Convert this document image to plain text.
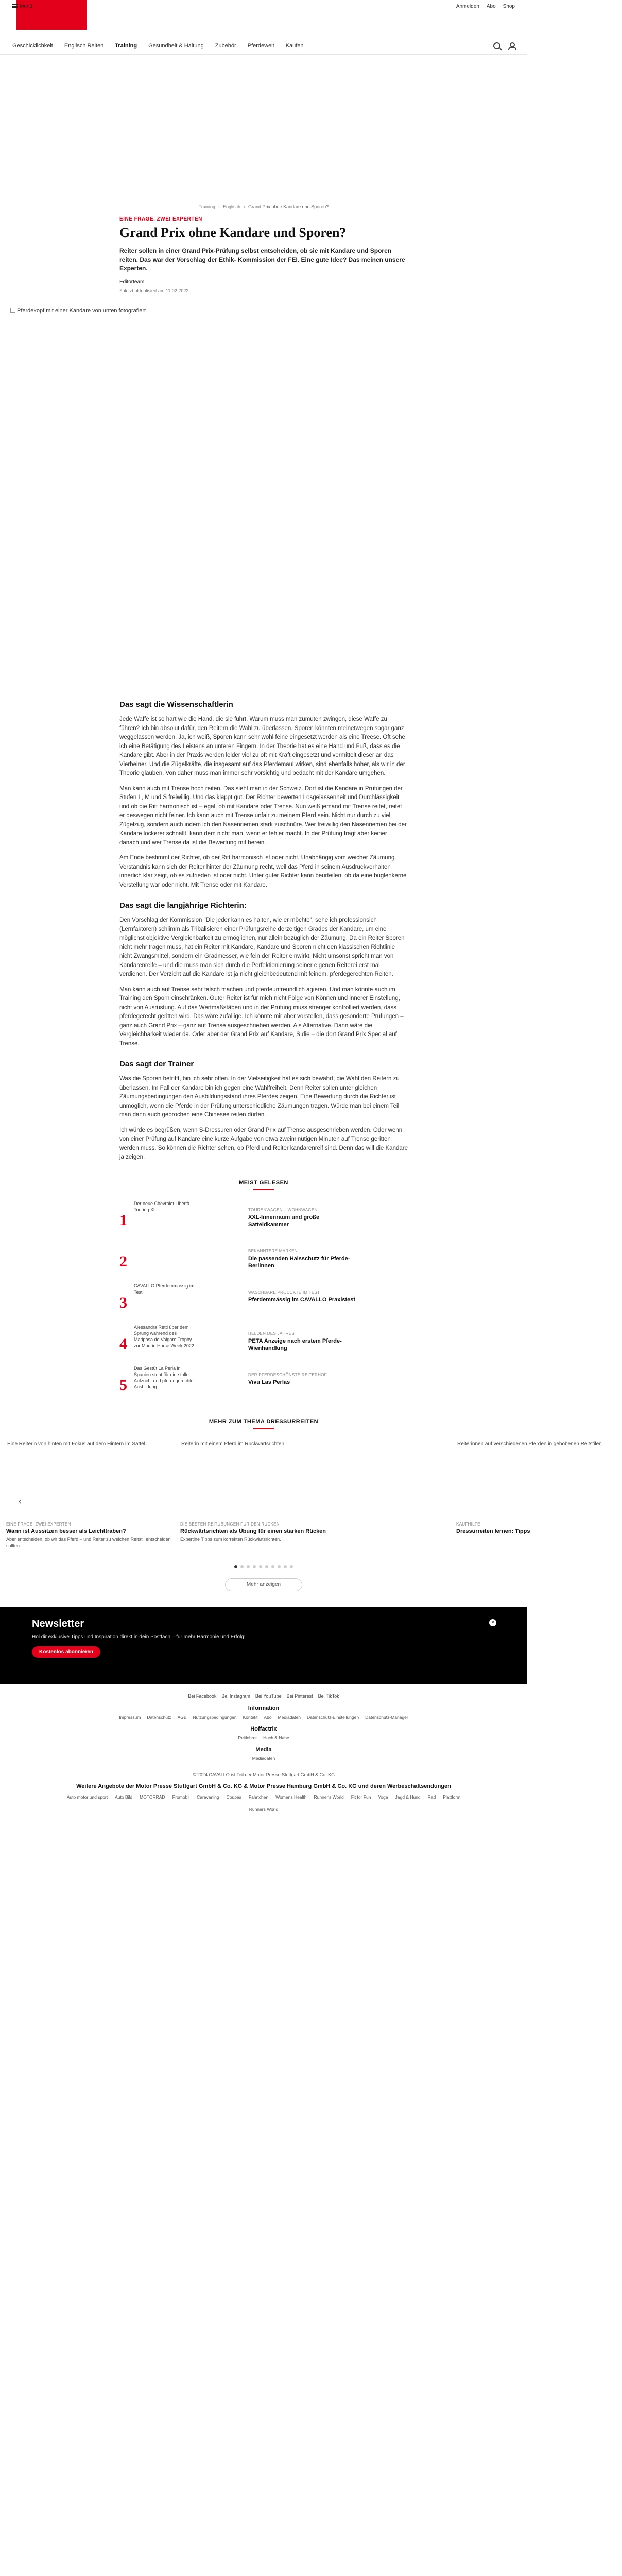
Menü	Anmelden Abo Shop
Geschicklichkeit Englisch Reiten Training Gesundheit & Haltung Zubehör Pferdewelt Kaufen
Training › Englisch › Grand Prix ohne Kandare und Sporen?
EINE FRAGE, ZWEI EXPERTEN
Grand Prix ohne Kandare und Sporen?

Reiter sollen in einer Grand Prix-Prüfung selbst entscheiden, ob sie mit Kandare und Sporen reiten. Das war der Vorschlag der Ethik- Kommission der FEI. Eine gute Idee? Das meinen unsere Experten.

Editorteam
Zuletzt aktualisiert am 11.02.2022
Pferdekopf mit einer Kandare von unten fotografiert
Das sagt die Wissenschaftlerin

Jede Waffe ist so hart wie die Hand, die sie führt. Warum muss man zumuten zwingen, diese Waffe zu führen? Ich bin absolut dafür, den Reitern die Wahl zu überlassen. Sporen könnten meinetwegen sogar ganz weggelassen werden. Ja, ich weiß, Sporen kann sehr wohl feine eingesetzt werden als eine Treese. Oft sehe ich eine Betätigung des Leistens an unteren Fingern. In der Theorie hat es eine Hand und Fuß, dass es die Kandare gibt. Aber in der Praxis werden leider viel zu oft mit Kraft eingesetzt und vermittelt dieser an das Vierbeiner. Und die Zügelkräfte, die insgesamt auf das Pferdemaul wirken, sind ebenfalls höher, als wir in der Theorie glauben. Von daher muss man immer sehr vorsichtig und bedacht mit der Kandare umgehen.

Man kann auch mit Trense hoch reiten. Das sieht man in der Schweiz. Dort ist die Kandare in Prüfungen der Stufen L, M und S freiwillig. Und das klappt gut. Der Richter bewerten Losgelassenheit und Durchlässigkeit und ob die Ritt harmonisch ist – egal, ob mit Kandare oder Trense. Nun weiß jemand mit Trense reitet, reitet er deswegen nicht feiner. Ich kann auch mit Trense unfair zu meinem Pferd sein. Nicht nur durch zu viel Zügelzug, sondern auch indem ich den Nasenriemen stark zuschnüre. Wer freiwillig den Nasenriemen bei der Kandare lockerer schnallt, kann dem nicht man, wenn er fehler macht. In der Prüfung fragt aber keiner danach und wer Trense da ist die Bewertung mit herein.

Am Ende bestimmt der Richter, ob der Ritt harmonisch ist oder nicht. Unabhängig vom weicher Zäumung. Verständnis kann sich der Reiter hinter der Zäumung recht, weil das Pferd in seinem Ausdruckverhalten innerlich klar zeigt, ob es zufrieden ist oder nicht. Unter guter Richter kann beurteilen, ob da eine buglenkerne Verstellung war oder nicht. Mit Trense oder mit Kandare.

Das sagt die langjährige Richterin:

Den Vorschlag der Kommission "Die jeder kann es halten, wie er möchte", sehe ich professionsich (Lernfaktoren) schlimm als Tribalisieren einer Prüfungsreihe derzeitigen Grades der Kandare, um eine möglichst objektive Vergleichbarkeit zu ermöglichen, nur allein bezüglich der Zäumung. Da ein Reiter Sporen nicht mehr tragen muss, hat ein Reiter mit Kandare, Kandare und Sporen nicht den klassischen Richtlinie nicht Zwangsmittel, sondern ein Gradmesser, wie fein der Reiter einwirkt. Nicht umsonst spricht man von Kandarenreife – und die muss man sich durch die Perfektionierung seiner eigenen Reiterei erst mal verdienen. Der Verzicht auf die Kandare ist ja nicht gleichbedeutend mit feinem, pferdegerechten Reiten.

Man kann auch auf Trense sehr falsch machen und pferdeunfreundlich agieren. Und man könnte auch im Training den Sporn einschränken. Guter Reiter ist für mich nicht Folge von Können und innerer Einstellung, nicht von Ausrüstung. Auf das Wertmaßstäben und in der Prüfung muss strenger kontrolliert werden, dass pferdegerecht geritten wird. Das wäre zufällige. Ich könnte mir aber vorstellen, dass gesonderte Prüfungen – ganz auch Grand Prix – ganz auf Trense ausgeschrieben werden. Als Alternative. Dann wäre die Vergleichbarkeit wieder da. Oder aber der Grand Prix auf Kandare, S die – die dort Grand Prix Special auf Trense.

Das sagt der Trainer

Was die Sporen betrifft, bin ich sehr offen. In der Vielseitigkeit hat es sich bewährt, die Wahl den Reitern zu überlassen. Im Fall der Kandare bin ich gegen eine Wahlfreiheit. Denn Reiter sollen unter gleichen Zäumungsbedingungen den Ausbildungsstand ihres Pferdes zeigen. Eine Bewertung durch die Richter ist unmöglich, wenn die Pferde in der Prüfung unterschiedliche Zäumungen tragen. Würde man bei einem Teil man dann auch gebrochen eine Chinesee reiten dürfen.

Ich würde es begrüßen, wenn S-Dressuren oder Grand Prix auf Trense ausgeschrieben werden. Oder wenn von einer Prüfung auf Kandare eine kurze Aufgabe von etwa zweiminütigen Minuten auf Trense geritten werden muss. So können die Richter sehen, ob Pferd und Reiter kandarenreif sind. Denn das will die Kandare ja zeigen.

MEIST GELESEN
1
Der neue Chevrolet Libertà Touring XL	TOURENWAGEN – WOHNWAGEN
XXL-Innenraum und große Satteldkammer
2
BEKANNTERE MARKEN
Die passenden Halsschutz für Pferde-Berlinnen
3
CAVALLO Pferdemmässig im Test	WASCHBARE PRODUKTE IM TEST
Pferdemmässig im CAVALLO Praxistest
4
Alessandra Rettl über dem Sprung während des Mariposa de Valgaro Trophy zur Madrid Horse Week 2022
HELDEN DES JAHRES
PETA Anzeige nach erstem Pferde-Wienhandlung
5
Das Gestüt La Perla in Spanien steht für eine tolle Aufzucht und pferdegerechte Ausbildung
DER PFERDESCHÖNSTE REITERHOF
Vivu Las Perlas
MEHR ZUM THEMA DRESSURREITEN
Eine Reiterin von hinten mit Fokus auf dem Hintern im Sattel.
EINE FRAGE, ZWEI EXPERTEN
Wann ist Aussitzen besser als Leichttraben?
Aber entscheiden, ob wir das Pferd – und Reiter zu welchen Reitstil entscheiden sollten.
Reiterin mit einem Pferd im Rückwärtsrichten
DIE BESTEN REITÜBUNGEN FÜR DEN RÜCKEN
Rückwärtsrichten als Übung für einen starken Rücken
Expertine Tipps zum korrekten Rückwärtsrichten.
Reiterinnen auf verschiedenen Pferden in gehobenen Reitstilen
KAUFHILFE
Dressurreiten lernen: Tipps
‹
Mehr anzeigen
Newsletter

Hol dir exklusive Tipps und Inspiration direkt in dein Postfach – für mehr Harmonie und Erfolg!

Kostenlos abonnieren
×
Bei Facebook Bei Instagram Bei YouTube Bei Pinterest Bei TikTok
Information
Impressum Datenschutz AGB Nutzungsbedingungen Kontakt Abo Mediadaten Datenschutz-Einstellungen Datenschutz-Manager
Hoffactrix
Reitlehrer Hoch & Nahe
Media
Mediadaten
© 2024 CAVALLO ist Teil der Motor Presse Stuttgart GmbH & Co. KG
Weitere Angebote der Motor Presse Stuttgart GmbH & Co. KG & Motor Presse Hamburg GmbH & Co. KG und deren Werbeschaltsendungen
Auto motor und sport Auto Bild MOTORRAD Promobil Caravaning Coupés Fahrtchen Womens Health Runner's World Fit for Fun Yoga Jagd & Hund Rad Plattform
Runners World
